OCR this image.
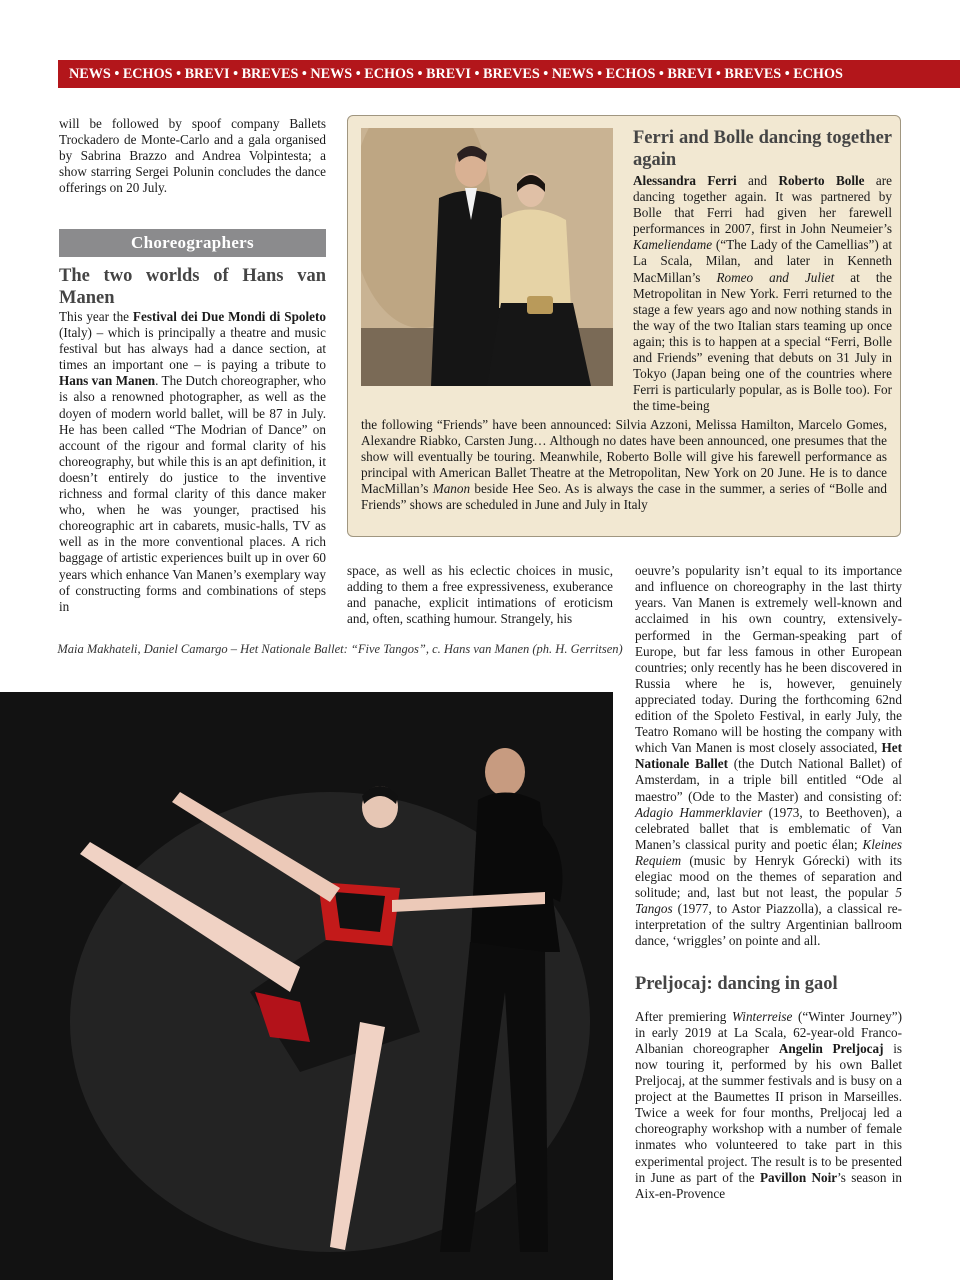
NEWS • ECHOS • BREVI • BREVES • NEWS • ECHOS • BREVI • BREVES • NEWS • ECHOS • BREVI • BREVES • ECHOS

will be followed by spoof company Ballets Trockadero de Monte-Carlo and a gala organised by Sabrina Brazzo and Andrea Volpintesta; a show starring Sergei Polunin concludes the dance offerings on 20 July.

Choreographers
The two worlds of Hans van Manen

This year the Festival dei Due Mondi di Spoleto (Italy) – which is principally a theatre and music festival but has always had a dance section, at times an important one – is paying a tribute to Hans van Manen. The Dutch choreographer, who is also a renowned photographer, as well as the doyen of modern world ballet, will be 87 in July. He has been called “The Modrian of Dance” on account of the rigour and formal clarity of his choreography, but while this is an apt definition, it doesn’t entirely do justice to the inventive richness and formal clarity of this dance maker who, when he was younger, practised his choreographic art in cabarets, music-halls, TV as well as in the more conventional places. A rich baggage of artistic experiences built up in over 60 years which enhance Van Manen’s exemplary way of constructing forms and combinations of steps in

Ferri and Bolle dancing together again

Alessandra Ferri and Roberto Bolle are dancing together again. It was partnered by Bolle that Ferri had given her farewell performances in 2007, first in John Neumeier’s Kameliendame (“The Lady of the Camellias”) at La Scala, Milan, and later in Kenneth MacMillan’s Romeo and Juliet at the Metropolitan in New York. Ferri returned to the stage a few years ago and now nothing stands in the way of the two Italian stars teaming up once again; this is to happen at a special “Ferri, Bolle and Friends” evening that debuts on 31 July in Tokyo (Japan being one of the countries where Ferri is particularly popular, as is Bolle too). For the time-being

the following “Friends” have been announced: Silvia Azzoni, Melissa Hamilton, Marcelo Gomes, Alexandre Riabko, Carsten Jung… Although no dates have been announced, one presumes that the show will eventually be touring. Meanwhile, Roberto Bolle will give his farewell performance as principal with American Ballet Theatre at the Metropolitan, New York on 20 June. He is to dance MacMillan’s Manon beside Hee Seo. As is always the case in the summer, a series of “Bolle and Friends” shows are scheduled in June and July in Italy

space, as well as his eclectic choices in music, adding to them a free expressiveness, exuberance and panache, explicit intimations of eroticism and, often, scathing humour. Strangely, his

Maia Makhateli, Daniel Camargo – Het Nationale Ballet: “Five Tangos”, c. Hans van Manen (ph. H. Gerritsen)

oeuvre’s popularity isn’t equal to its importance and influence on choreography in the last thirty years. Van Manen is extremely well-known and acclaimed in his own country, extensively-performed in the German-speaking part of Europe, but far less famous in other European countries; only recently has he been discovered in Russia where he is, however, genuinely appreciated today. During the forthcoming 62nd edition of the Spoleto Festival, in early July, the Teatro Romano will be hosting the company with which Van Manen is most closely associated, Het Nationale Ballet (the Dutch National Ballet) of Amsterdam, in a triple bill entitled “Ode al maestro” (Ode to the Master) and consisting of: Adagio Hammerklavier (1973, to Beethoven), a celebrated ballet that is emblematic of Van Manen’s classical purity and poetic élan; Kleines Requiem (music by Henryk Górecki) with its elegiac mood on the themes of separation and solitude; and, last but not least, the popular 5 Tangos (1977, to Astor Piazzolla), a classical re-interpretation of the sultry Argentinian ballroom dance, ‘wriggles’ on pointe and all.

Preljocaj: dancing in gaol

After premiering Winterreise (“Winter Journey”) in early 2019 at La Scala, 62-year-old Franco-Albanian choreographer Angelin Preljocaj is now touring it, performed by his own Ballet Preljocaj, at the summer festivals and is busy on a project at the Baumettes II prison in Marseilles. Twice a week for four months, Preljocaj led a choreography workshop with a number of female inmates who volunteered to take part in this experimental project. The result is to be presented in June as part of the Pavillon Noir’s season in Aix-en-Provence
